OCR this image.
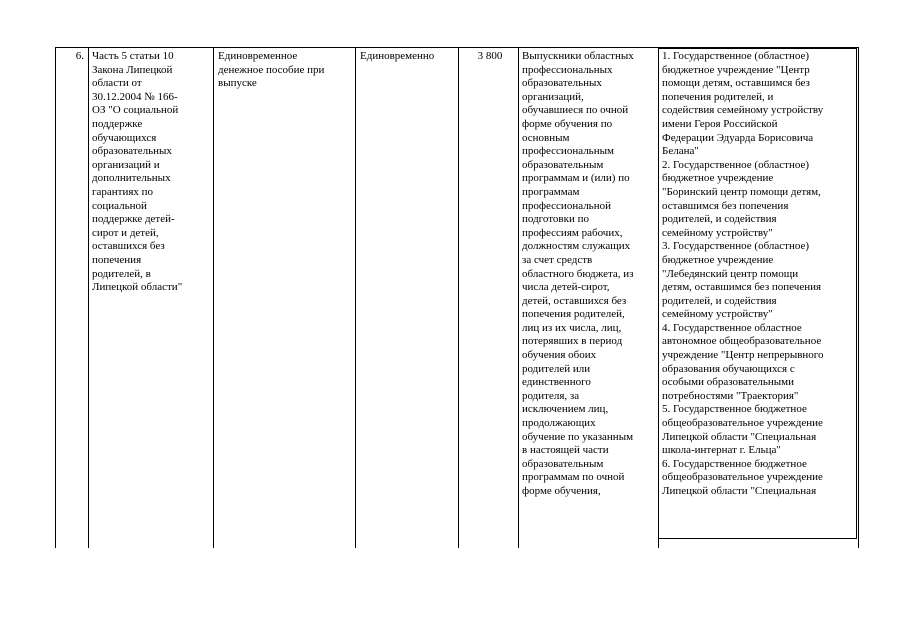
6. Часть 5 статьи 10
Закона Липецкой
области от
30.12.2004 № 166-
ОЗ "О социальной
поддержке
обучающихся
образовательных
организаций и
дополнительных
гарантиях по
социальной
поддержке детей-
сирот и детей,
оставшихся без
попечения
родителей, в
Липецкой области"
Единовременное
денежное пособие при
выпуске
Единовременно	3 800	Выпускники областных
профессиональных
образовательных
организаций,
обучавшиеся по очной
форме обучения по
основным
профессиональным
образовательным
программам и (или) по
программам
профессиональной
подготовки по
профессиям рабочих,
должностям служащих
за счет средств
областного бюджета, из
числа детей-сирот,
детей, оставшихся без
попечения родителей,
лиц из их числа, лиц,
потерявших в период
обучения обоих
родителей или
единственного
родителя, за
исключением лиц,
продолжающих
обучение по указанным
в настоящей части
образовательным
программам по очной
форме обучения,
1. Государственное (областное)
бюджетное учреждение "Центр
помощи детям, оставшимся без
попечения родителей, и
содействия семейному устройству
имени Героя Российской
Федерации Эдуарда Борисовича
Белана"
2. Государственное (областное)
бюджетное учреждение
"Боринский центр помощи детям,
оставшимся без попечения
родителей, и содействия
семейному устройству"
3. Государственное (областное)
бюджетное учреждение
"Лебедянский центр помощи
детям, оставшимся без попечения
родителей, и содействия
семейному устройству"
4. Государственное областное
автономное общеобразовательное
учреждение "Центр непрерывного
образования обучающихся с
особыми образовательными
потребностями "Траектория"
5. Государственное бюджетное
общеобразовательное учреждение
Липецкой области "Специальная
школа-интернат г. Ельца"
6. Государственное бюджетное
общеобразовательное учреждение
Липецкой области "Специальная
